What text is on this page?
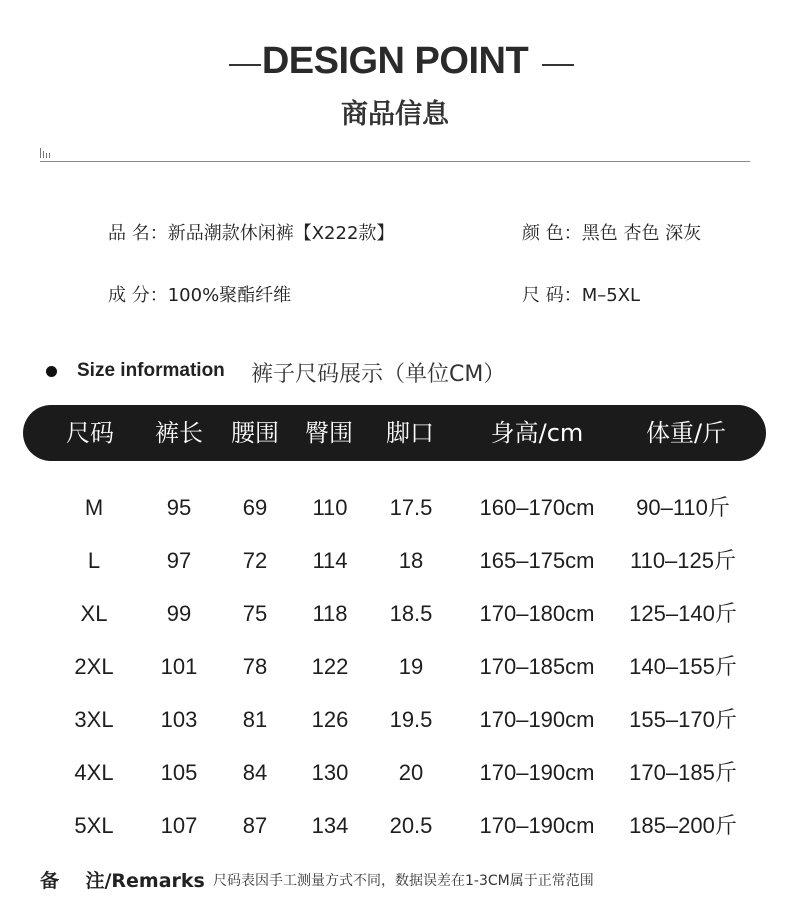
DESIGN POINT
商品信息
品 名：新品潮款休闲裤【X222款】	颜 色：黑色 杏色 深灰
成 分：100%聚酯纤维	尺 码：M–5XL
Size information 裤子尺码展示（单位CM）
尺码	裤长	腰围	臀围	脚口	身高/cm	体重/斤
M	95	69	110	17.5	160–170cm	90–110斤
L	97	72	114	18	165–175cm	110–125斤
XL	99	75	118	18.5	170–180cm	125–140斤
2XL	101	78	122	19	170–185cm	140–155斤
3XL	103	81	126	19.5	170–190cm	155–170斤
4XL	105	84	130	20	170–190cm	170–185斤
5XL	107	87	134	20.5	170–190cm	185–200斤
备    注/Remarks 尺码表因手工测量方式不同，数据误差在1-3CM属于正常范围
